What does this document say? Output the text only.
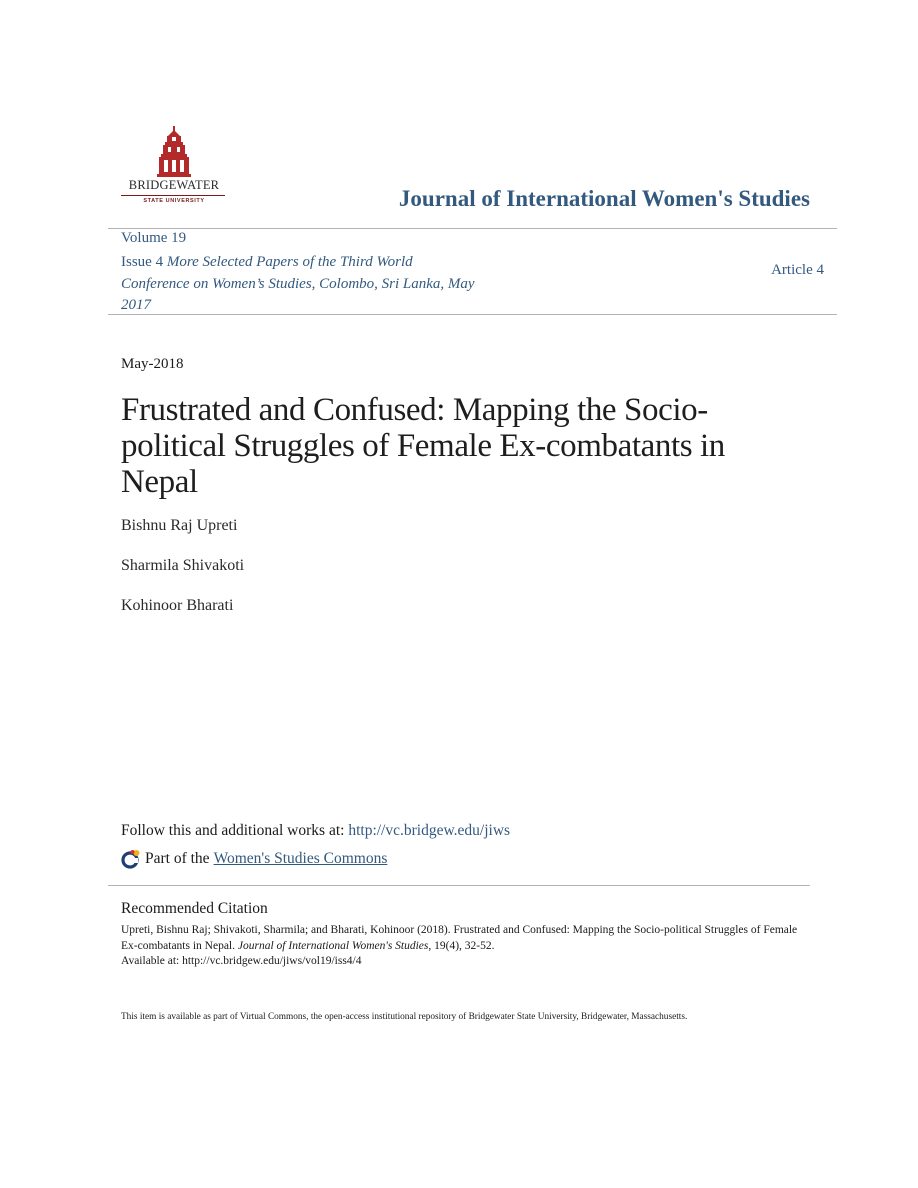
BRIDGEWATER
STATE UNIVERSITY	Journal of International Women's Studies
Volume 19
Issue 4 More Selected Papers of the Third World Conference on Women’s Studies, Colombo, Sri Lanka, May 2017
Article 4
May-2018
Frustrated and Confused: Mapping the Socio-political Struggles of Female Ex-combatants in Nepal
Bishnu Raj Upreti
Sharmila Shivakoti
Kohinoor Bharati
Follow this and additional works at: http://vc.bridgew.edu/jiws
Part of the Women's Studies Commons
Recommended Citation
Upreti, Bishnu Raj; Shivakoti, Sharmila; and Bharati, Kohinoor (2018). Frustrated and Confused: Mapping the Socio-political Struggles of Female Ex-combatants in Nepal. Journal of International Women's Studies, 19(4), 32-52.
Available at: http://vc.bridgew.edu/jiws/vol19/iss4/4
This item is available as part of Virtual Commons, the open-access institutional repository of Bridgewater State University, Bridgewater, Massachusetts.
